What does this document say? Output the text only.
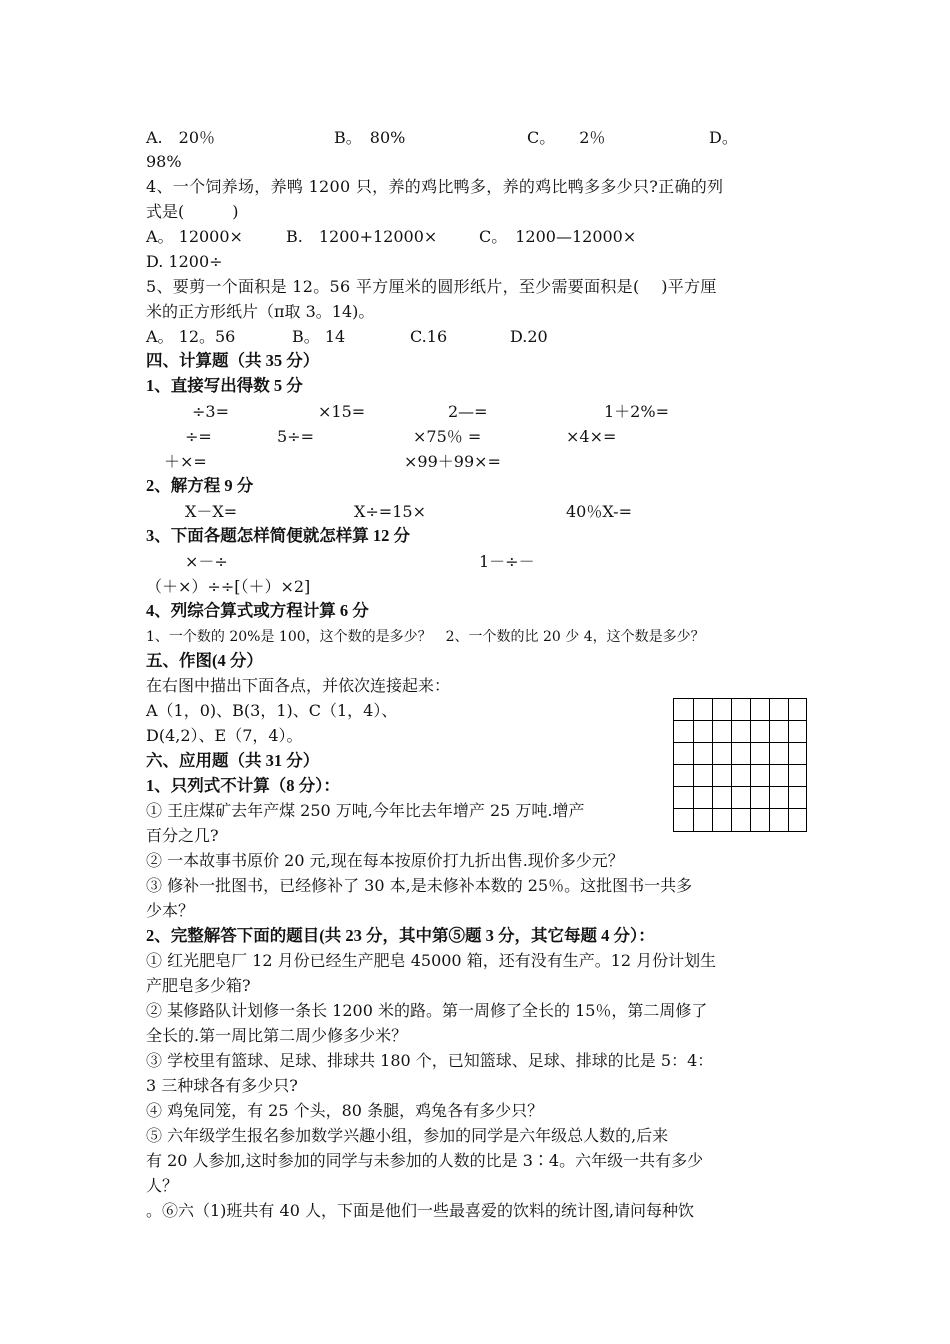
A.　20％	B。　80%	C。　　2％	D。
98%
4、一个饲养场，养鸭 1200 只，养的鸡比鸭多，养的鸡比鸭多多少只?正确的列
式是(　　　)
A。 12000×	B.　1200+12000×	C。　1200—12000×
D. 1200÷
5、要剪一个面积是 12。56 平方厘米的圆形纸片，至少需要面积是(　 )平方厘
米的正方形纸片（π取 3。14)。
A。 12。56	B。 14	C.16	D.20
四、计算题（共 35 分）
1、直接写出得数 5 分
÷3=	×15=	2—=	1＋2%=
÷=	5÷=	×75％ =	×4×=
＋×=	×99＋99×=
2、解方程 9 分
X－X=	X÷=15×	40％X-=
3、下面各题怎样简便就怎样算 12 分
×－÷	1－÷－
（＋×）÷÷[（＋）×2]
4、列综合算式或方程计算 6 分
1、一个数的 20%是 100，这个数的是多少？　2、一个数的比 20 少 4，这个数是多少？
五、作图(4 分）
在右图中描出下面各点，并依次连接起来：
A（1，0)、B(3，1)、C（1，4）、
D(4,2）、E（7，4）。
六、应用题（共 31 分）
1、只列式不计算（8 分）：
① 王庄煤矿去年产煤 250 万吨,今年比去年增产 25 万吨.增产
百分之几?
② 一本故事书原价 20 元,现在每本按原价打九折出售.现价多少元？
③ 修补一批图书，已经修补了 30 本,是未修补本数的 25％。这批图书一共多
少本？
2、完整解答下面的题目(共 23 分，其中第⑤题 3 分，其它每题 4 分）：
① 红光肥皂厂 12 月份已经生产肥皂 45000 箱，还有没有生产。12 月份计划生
产肥皂多少箱?
② 某修路队计划修一条长 1200 米的路。第一周修了全长的 15％，第二周修了
全长的.第一周比第二周少修多少米？
③ 学校里有篮球、足球、排球共 180 个，已知篮球、足球、排球的比是 5：4：
3 三种球各有多少只?
④ 鸡兔同笼，有 25 个头，80 条腿，鸡兔各有多少只？
⑤ 六年级学生报名参加数学兴趣小组，参加的同学是六年级总人数的,后来
有 20 人参加,这时参加的同学与未参加的人数的比是 3∶4。六年级一共有多少
人？
。⑥六（1)班共有 40 人，下面是他们一些最喜爱的饮料的统计图,请问每种饮
